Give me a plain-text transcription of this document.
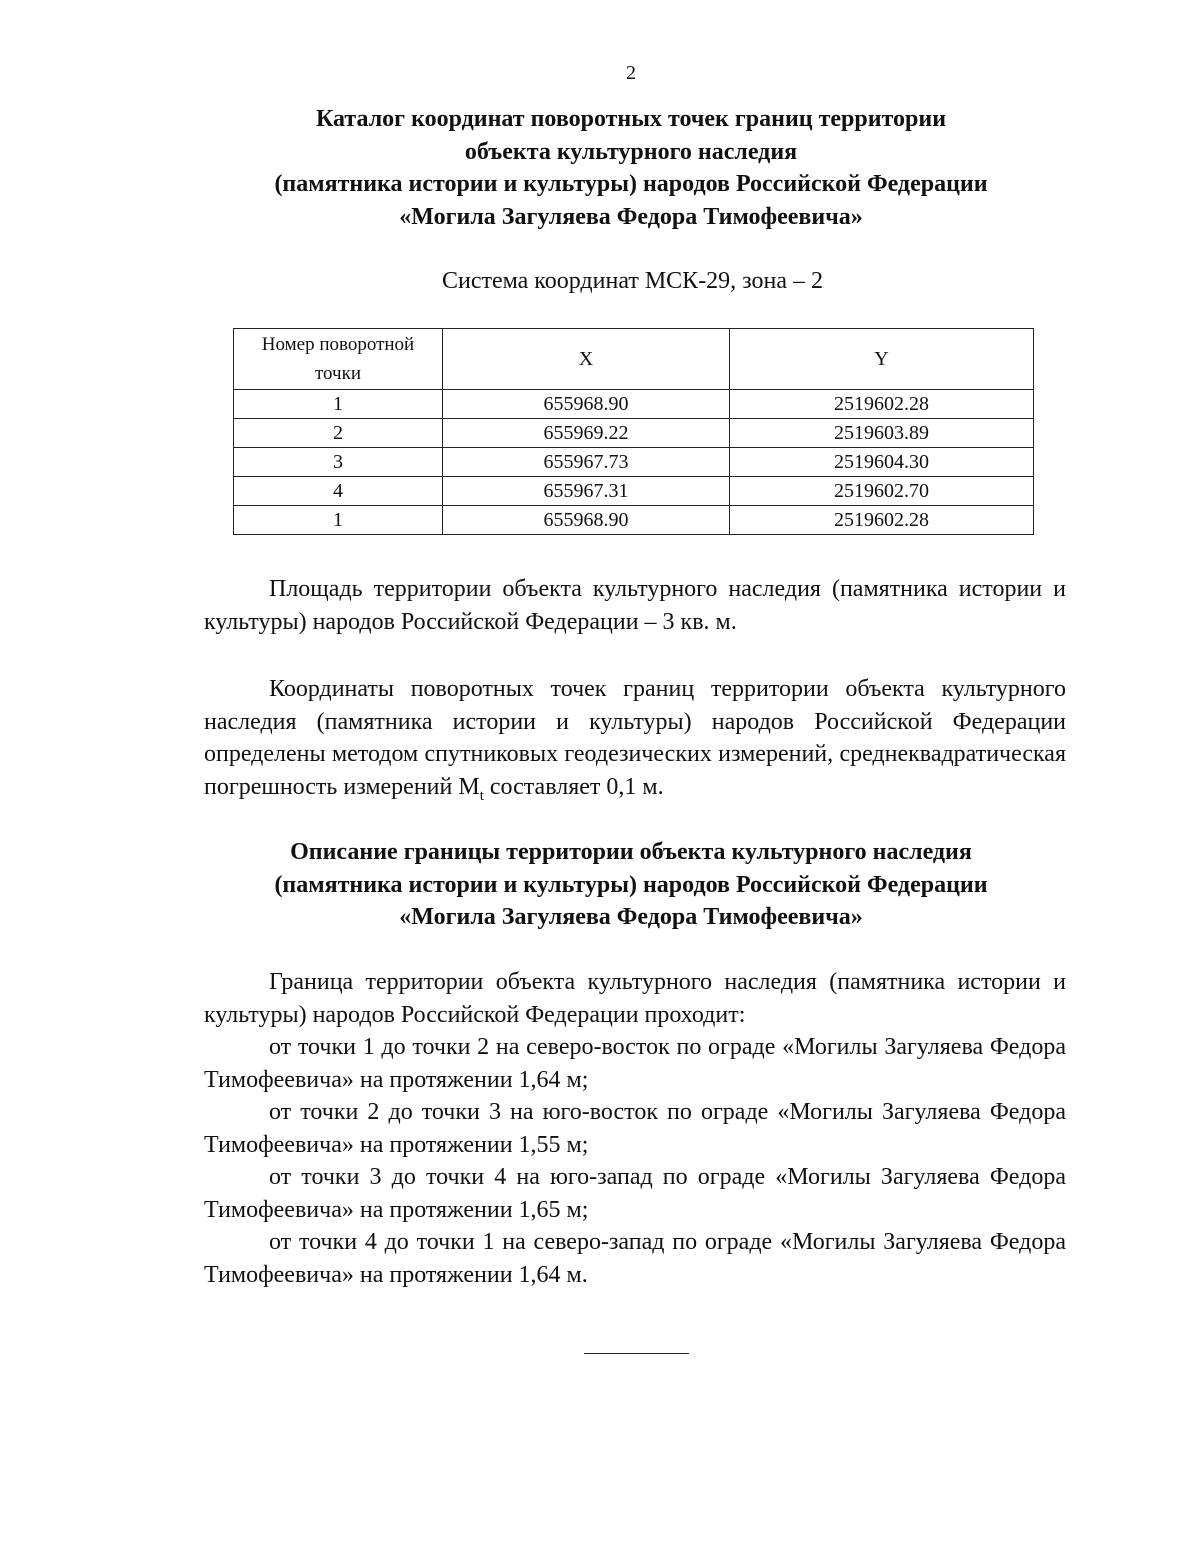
2
Каталог координат поворотных точек границ территории
объекта культурного наследия
(памятника истории и культуры) народов Российской Федерации
«Могила Загуляева Федора Тимофеевича»
Система координат МСК-29, зона – 2
Номер поворотной
точки	X	Y
1	655968.90	2519602.28
2	655969.22	2519603.89
3	655967.73	2519604.30
4	655967.31	2519602.70
1	655968.90	2519602.28
Площадь территории объекта культурного наследия (памятника истории и культуры) народов Российской Федерации – 3 кв. м.
Координаты поворотных точек границ территории объекта культурного наследия (памятника истории и культуры) народов Российской Федерации определены методом спутниковых геодезических измерений, среднеквадратическая погрешность измерений $M_t$ составляет 0,1 м.
Описание границы территории объекта культурного наследия
(памятника истории и культуры) народов Российской Федерации
«Могила Загуляева Федора Тимофеевича»
Граница территории объекта культурного наследия (памятника истории и культуры) народов Российской Федерации проходит:
от точки 1 до точки 2 на северо-восток по ограде «Могилы Загуляева Федора Тимофеевича» на протяжении 1,64 м;
от точки 2 до точки 3 на юго-восток по ограде «Могилы Загуляева Федора Тимофеевича» на протяжении 1,55 м;
от точки 3 до точки 4 на юго-запад по ограде «Могилы Загуляева Федора Тимофеевича» на протяжении 1,65 м;
от точки 4 до точки 1 на северо-запад по ограде «Могилы Загуляева Федора Тимофеевича» на протяжении 1,64 м.
